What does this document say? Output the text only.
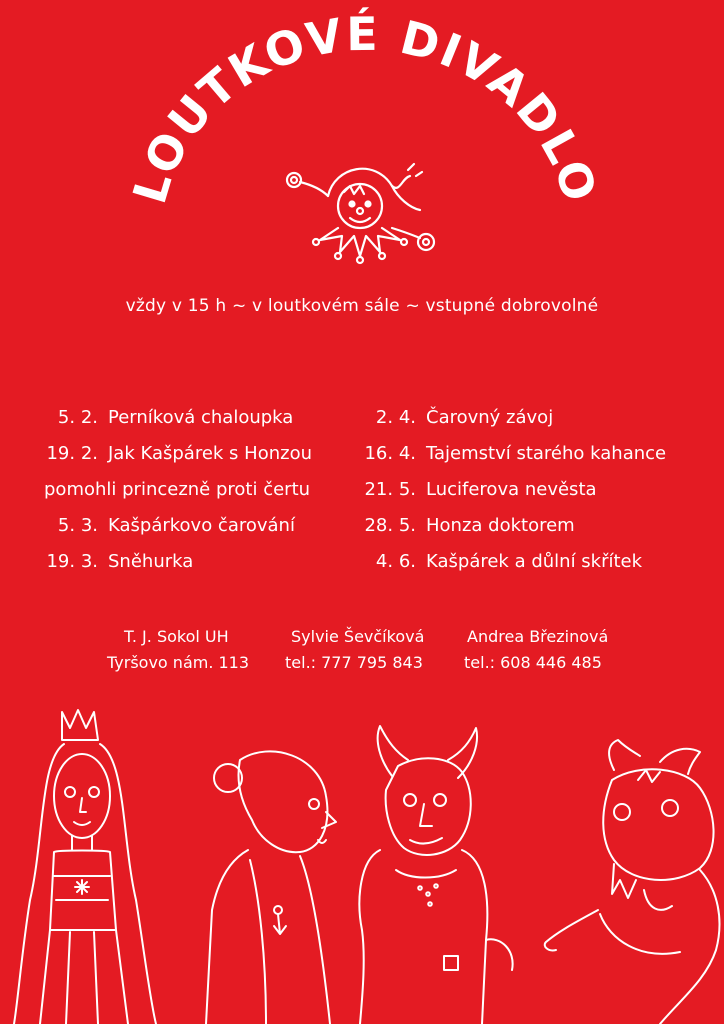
LOUTKOVÉ DIVADLO
vždy v 15 h ~ v loutkovém sále ~ vstupné dobrovolné
5. 2. Perníková chaloupka
19. 2. Jak Kašpárek s Honzou
pomohli princezně proti čertu
5. 3. Kašpárkovo čarování
19. 3. Sněhurka
2. 4. Čarovný závoj
16. 4. Tajemství starého kahance
21. 5. Luciferova nevěsta
28. 5. Honza doktorem
4. 6. Kašpárek a důlní skřítek
T. J. Sokol UH
Tyršovo nám. 113
Sylvie Ševčíková
tel.: 777 795 843
Andrea Březinová
tel.: 608 446 485
